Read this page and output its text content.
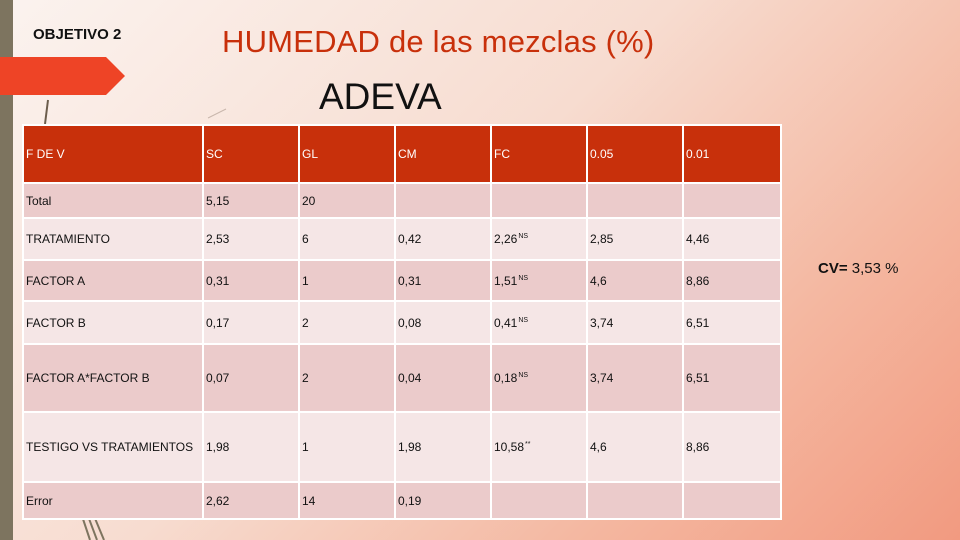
OBJETIVO 2	HUMEDAD de las mezclas (%)
ADEVA
F DE V	SC	GL	CM	FC	0.05	0.01
Total	5,15	20				
TRATAMIENTO	2,53	6	0,42	$2,26^{NS}$	2,85	4,46
FACTOR A	0,31	1	0,31	$1,51^{NS}$	4,6	8,86
FACTOR B	0,17	2	0,08	$0,41^{NS}$	3,74	6,51
FACTOR A*FACTOR B	0,07	2	0,04	$0,18^{NS}$	3,74	6,51
TESTIGO VS TRATAMIENTOS	1,98	1	1,98	10,58**	4,6	8,86
Error	2,62	14	0,19			
CV= 3,53 %
